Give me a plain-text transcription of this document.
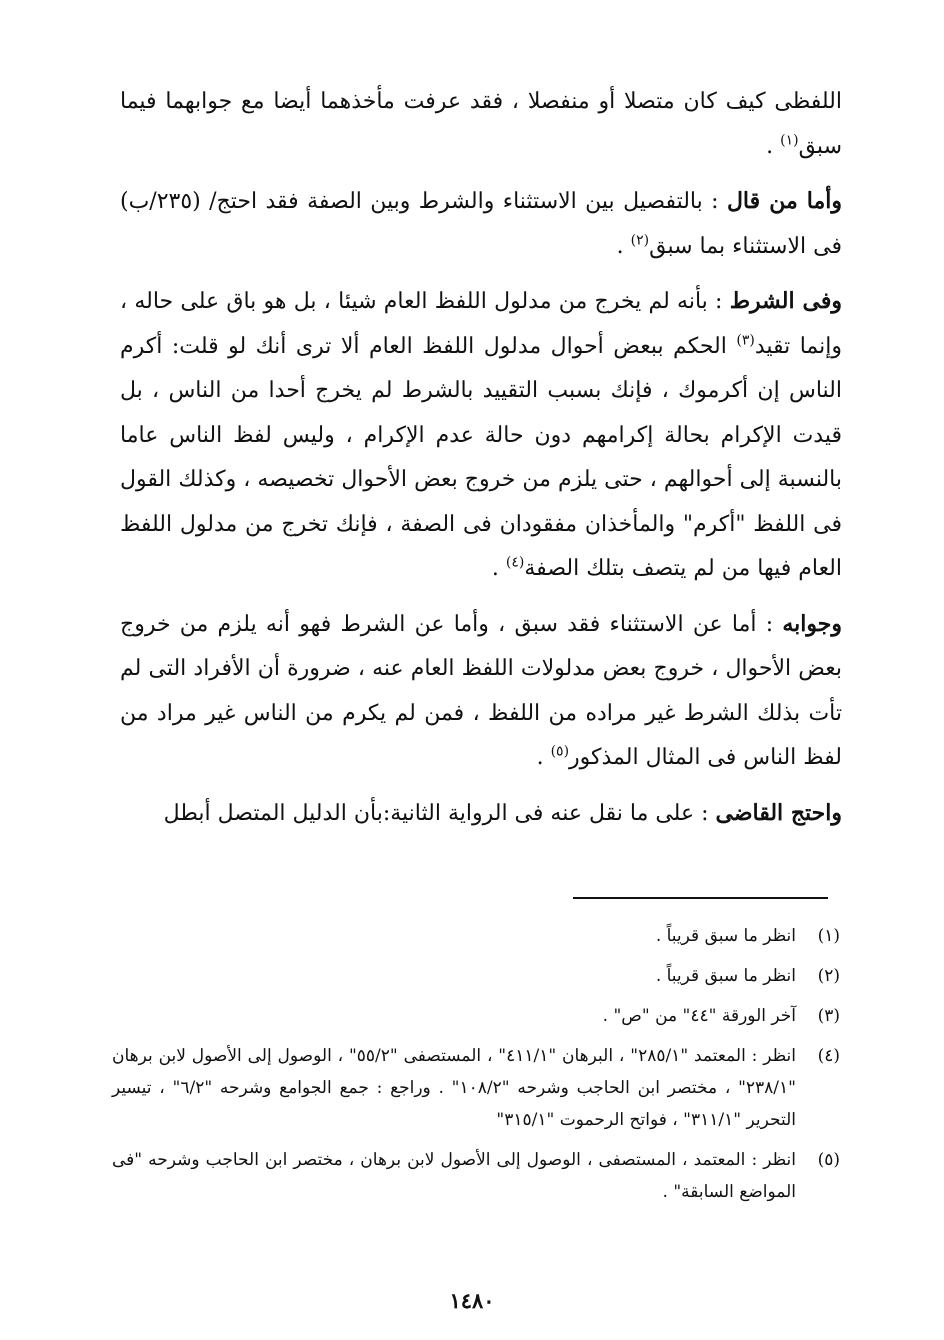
اللفظى كيف كان متصلا أو منفصلا ، فقد عرفت مأخذهما أيضا مع جوابهما فيما سبق$^{(١)}$ .

وأما من قال : بالتفصيل بين الاستثناء والشرط وبين الصفة فقد احتج/ (٢٣٥/ب) فى الاستثناء بما سبق$^{(٢)}$ .

وفى الشرط : بأنه لم يخرج من مدلول اللفظ العام شيئا ، بل هو باق على حاله ، وإنما تقيد$^{(٣)}$ الحكم ببعض أحوال مدلول اللفظ العام ألا ترى أنك لو قلت: أكرم الناس إن أكرموك ، فإنك بسبب التقييد بالشرط لم يخرج أحدا من الناس ، بل قيدت الإكرام بحالة إكرامهم دون حالة عدم الإكرام ، وليس لفظ الناس عاما بالنسبة إلى أحوالهم ، حتى يلزم من خروج بعض الأحوال تخصيصه ، وكذلك القول فى اللفظ "أكرم" والمأخذان مفقودان فى الصفة ، فإنك تخرج من مدلول اللفظ العام فيها من لم يتصف بتلك الصفة$^{(٤)}$ .

وجوابه : أما عن الاستثناء فقد سبق ، وأما عن الشرط فهو أنه يلزم من خروج بعض الأحوال ، خروج بعض مدلولات اللفظ العام عنه ، ضرورة أن الأفراد التى لم تأت بذلك الشرط غير مراده من اللفظ ، فمن لم يكرم من الناس غير مراد من لفظ الناس فى المثال المذكور$^{(٥)}$ .

واحتج القاضى : على ما نقل عنه فى الرواية الثانية:بأن الدليل المتصل أبطل

(١)
انظر ما سبق قريباً .
(٢)
انظر ما سبق قريباً .
(٣)
آخر الورقة "٤٤" من "ص" .
(٤)
انظر : المعتمد "٢٨٥/١" ، البرهان "٤١١/١" ، المستصفى "٥٥/٢" ، الوصول إلى الأصول لابن برهان "٢٣٨/١" ، مختصر ابن الحاجب وشرحه "١٠٨/٢" . وراجع : جمع الجوامع وشرحه "٦/٢" ، تيسير التحرير "٣١١/١" ، فواتح الرحموت "٣١٥/١"
(٥)
انظر : المعتمد ، المستصفى ، الوصول إلى الأصول لابن برهان ، مختصر ابن الحاجب وشرحه "فى المواضع السابقة" .
١٤٨٠
